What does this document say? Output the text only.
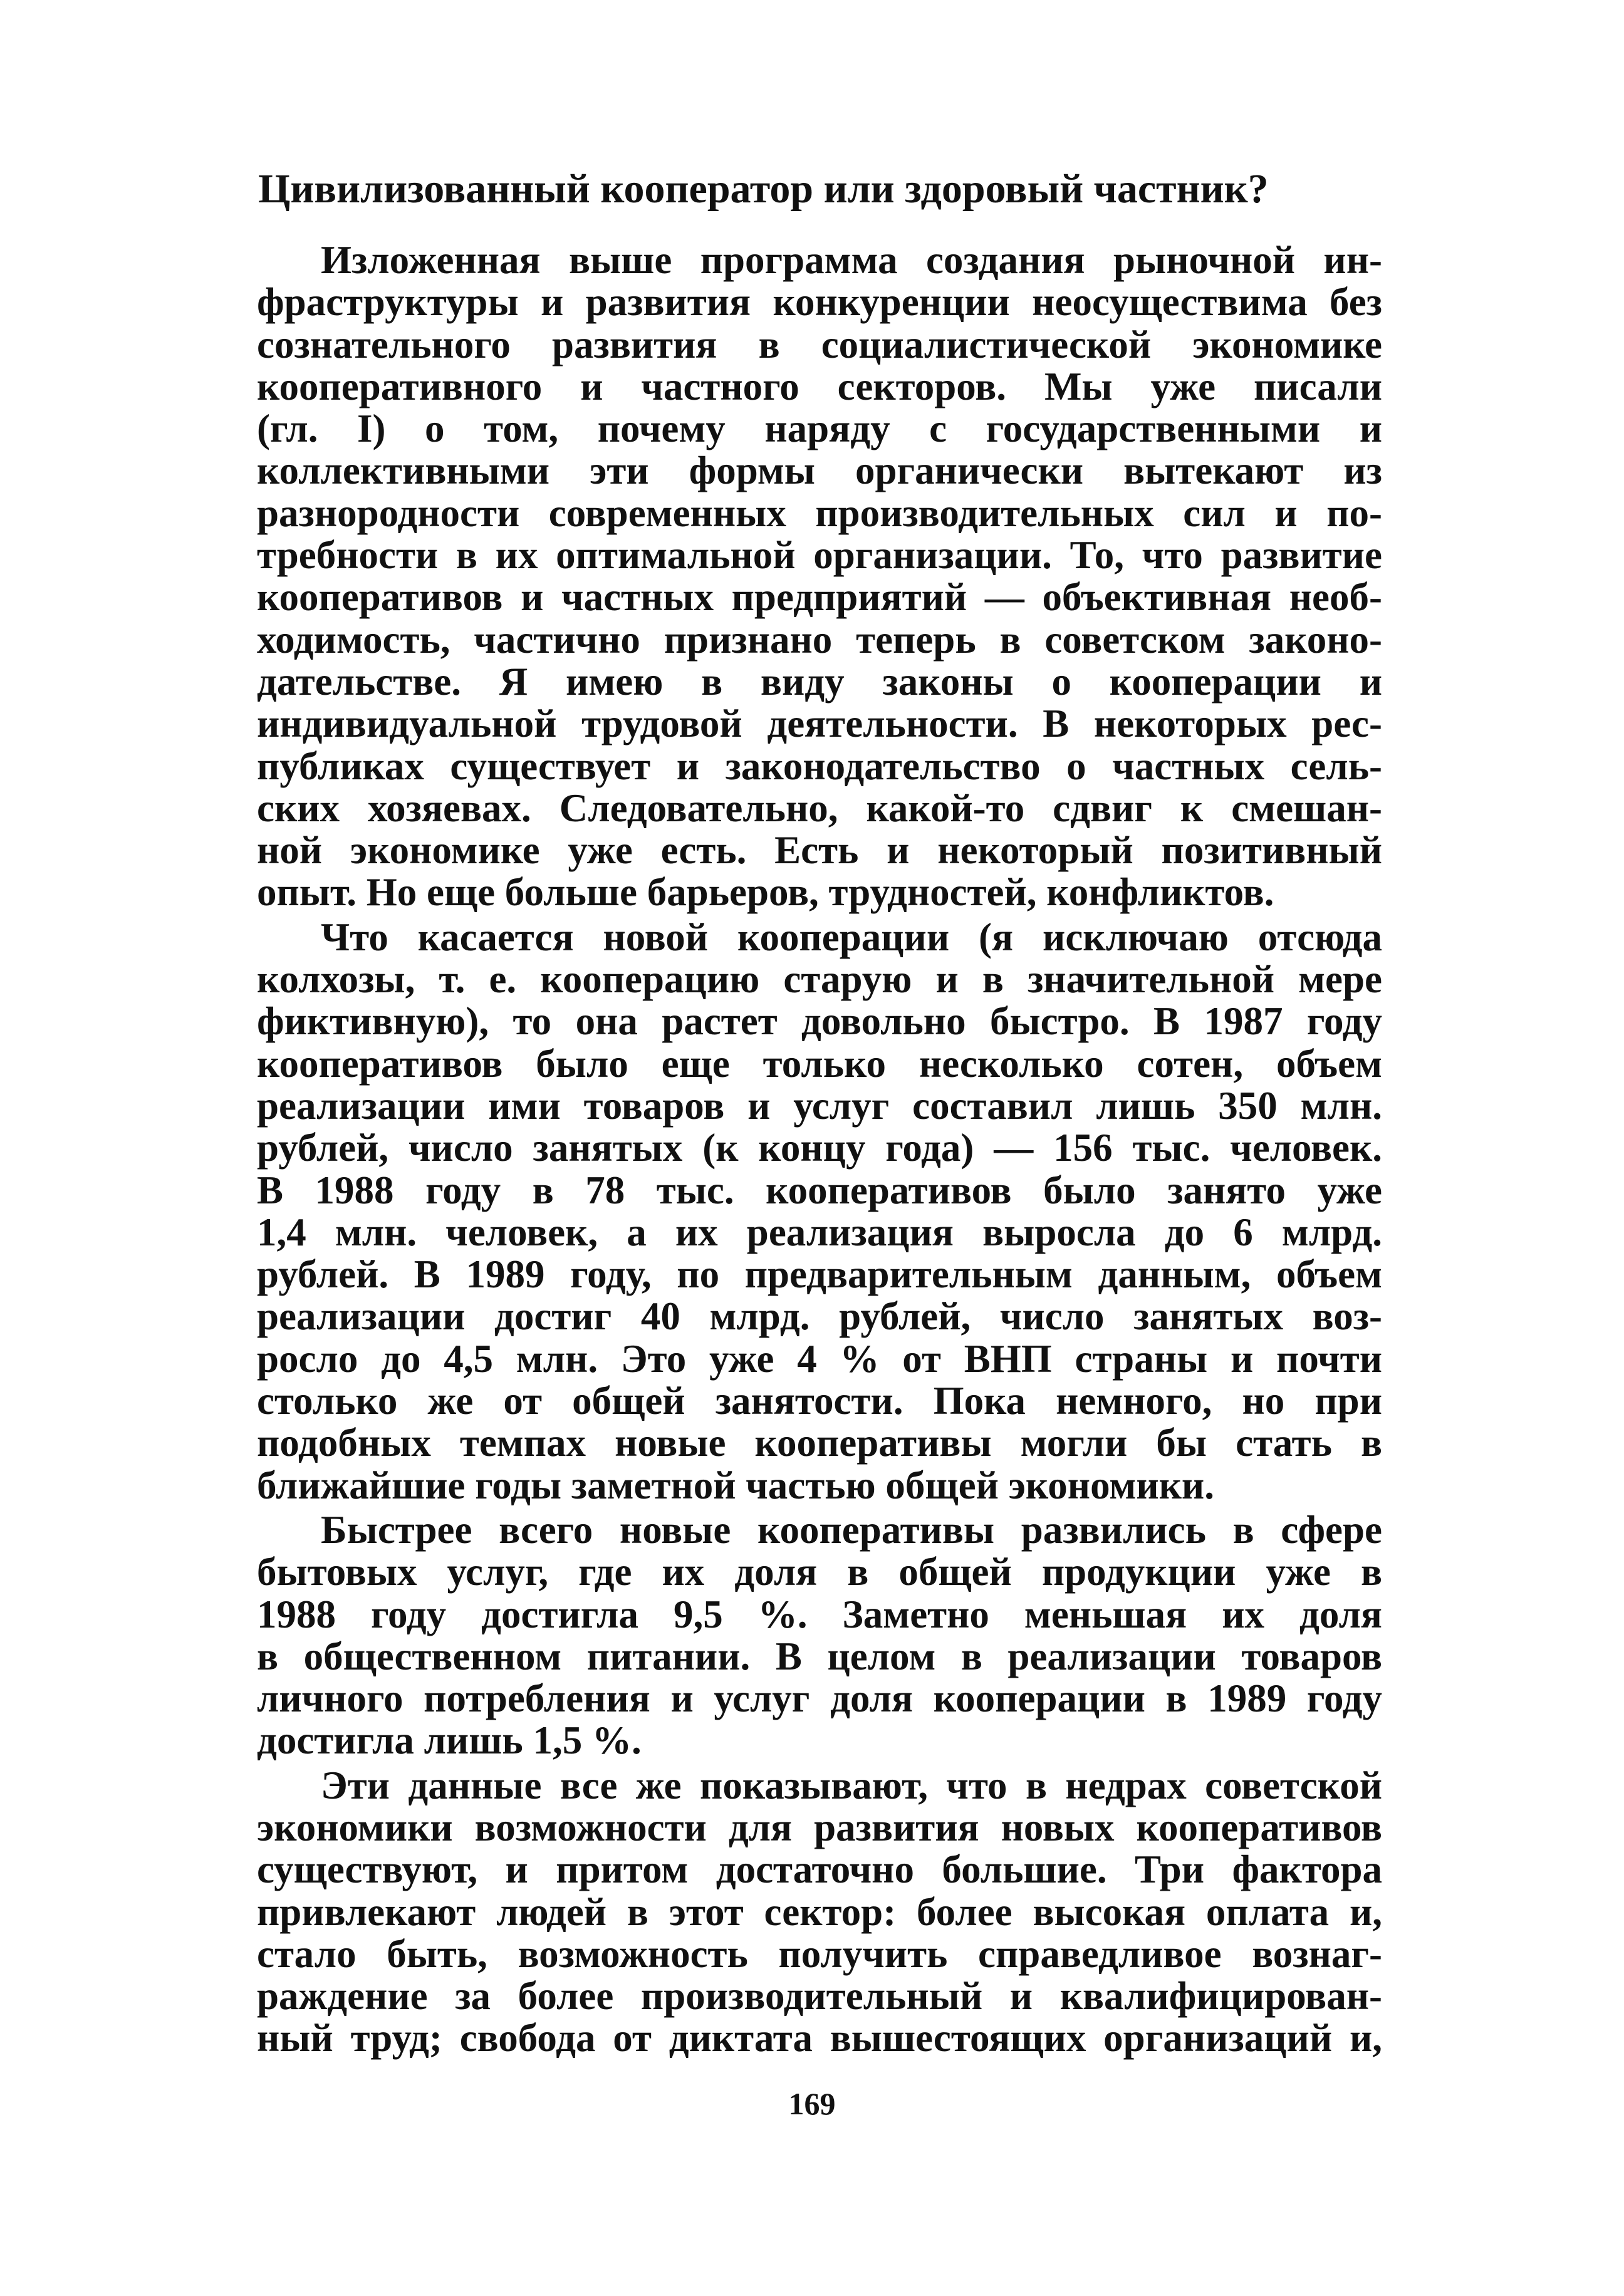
Цивилизованный кооператор или здоровый частник?
Изложенная выше программа создания рыночной ин-
фраструктуры и развития конкуренции неосуществима без
сознательного развития в социалистической экономике
кооперативного и частного секторов. Мы уже писали
(гл. I) о том, почему наряду с государственными и
коллективными эти формы органически вытекают из
разнородности современных производительных сил и по-
требности в их оптимальной организации. То, что развитие
кооперативов и частных предприятий — объективная необ-
ходимость, частично признано теперь в советском законо-
дательстве. Я имею в виду законы о кооперации и
индивидуальной трудовой деятельности. В некоторых рес-
публиках существует и законодательство о частных сель-
ских хозяевах. Следовательно, какой-то сдвиг к смешан-
ной экономике уже есть. Есть и некоторый позитивный
опыт. Но еще больше барьеров, трудностей, конфликтов.
Что касается новой кооперации (я исключаю отсюда
колхозы, т. е. кооперацию старую и в значительной мере
фиктивную), то она растет довольно быстро. В 1987 году
кооперативов было еще только несколько сотен, объем
реализации ими товаров и услуг составил лишь 350 млн.
рублей, число занятых (к концу года) — 156 тыс. человек.
В 1988 году в 78 тыс. кооперативов было занято уже
1,4 млн. человек, а их реализация выросла до 6 млрд.
рублей. В 1989 году, по предварительным данным, объем
реализации достиг 40 млрд. рублей, число занятых воз-
росло до 4,5 млн. Это уже 4 % от ВНП страны и почти
столько же от общей занятости. Пока немного, но при
подобных темпах новые кооперативы могли бы стать в
ближайшие годы заметной частью общей экономики.
Быстрее всего новые кооперативы развились в сфере
бытовых услуг, где их доля в общей продукции уже в
1988 году достигла 9,5 %. Заметно меньшая их доля
в общественном питании. В целом в реализации товаров
личного потребления и услуг доля кооперации в 1989 году
достигла лишь 1,5 %.
Эти данные все же показывают, что в недрах советской
экономики возможности для развития новых кооперативов
существуют, и притом достаточно большие. Три фактора
привлекают людей в этот сектор: более высокая оплата и,
стало быть, возможность получить справедливое вознаг-
раждение за более производительный и квалифицирован-
ный труд; свобода от диктата вышестоящих организаций и,
169
